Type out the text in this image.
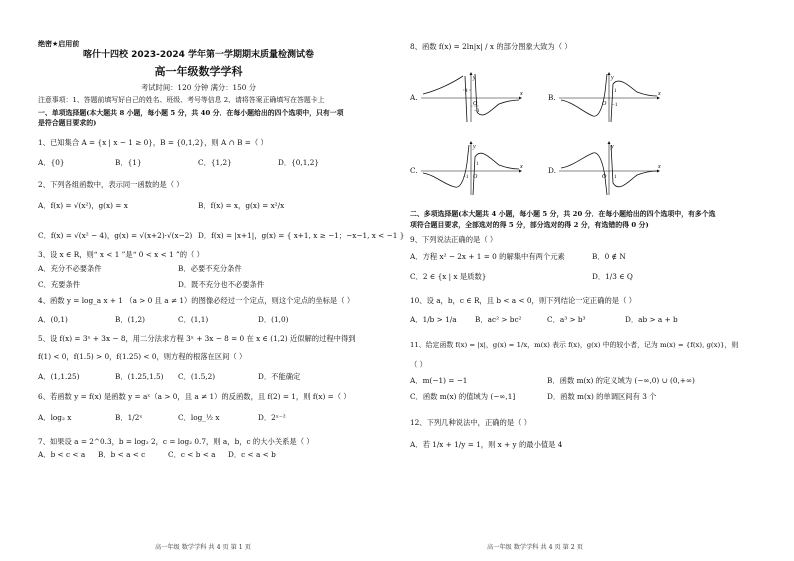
绝密★启用前
喀什十四校 2023-2024 学年第一学期期末质量检测试卷
高一年级数学学科
考试时间：120 分钟 满分：150 分
注意事项：1、答题前填写好自己的姓名、班级、考号等信息 2、请将答案正确填写在答题卡上
一、单项选择题(本大题共 8 小题，每小题 5 分，共 40 分．在每小题给出的四个选项中，只有一项
是符合题目要求的)
1、已知集合 A = {x | x − 1 ≥ 0}，B = {0,1,2}，则 A ∩ B =（ ）
A．{0}	B．{1}	C．{1,2}	D．{0,1,2}
2、下列各组函数中，表示同一函数的是（ ）
A．f(x) = √(x²)，g(x) = x	B．f(x) = x，g(x) = x²/x
C．f(x) = √(x² − 4)，g(x) = √(x+2)·√(x−2) D．f(x) = |x+1|，g(x) = { x+1, x ≥ −1；−x−1, x < −1 }
3、设 x ∈ R，则“ x < 1 ”是“ 0 < x < 1 ”的（ ）
A．充分不必要条件	B．必要不充分条件
C．充要条件	D．既不充分也不必要条件
4、函数 y = log_a x + 1 （a > 0 且 a ≠ 1）的图像必经过一个定点，则这个定点的坐标是（ ）
A．(0,1)	B．(1,2)	C．(1,1)	D．(1,0)
5、设 f(x) = 3ˣ + 3x − 8，用二分法求方程 3ˣ + 3x − 8 = 0 在 x ∈ (1,2) 近似解的过程中得到
f(1) < 0，f(1.5) > 0，f(1.25) < 0，则方程的根落在区间（ ）
A．(1,1.25)	B．(1.25,1.5) C．(1.5,2)	D．不能确定
6、若函数 y = f(x) 是函数 y = aˣ（a > 0，且 a ≠ 1）的反函数，且 f(2) = 1，则 f(x) =（ ）
A．log₂ x	B．1/2ˣ	C．log_½ x	D．2ˣ⁻²
7、如果设 a = 2^0.3，b = log₂ 2，c = log₂ 0.7，则 a，b，c 的大小关系是（ ）
A．b < c < a B．b < a < c	C．c < b < a D．c < a < b
高一年级 数学学科 共 4 页 第 1 页
8、函数 f(x) = 2ln|x| / x 的部分图象大致为（ ）
A.	x
y
O
1
−1
B.	x
y
O
1
−1
C.	x
y
O
−1
1
D.	x
y
O 1
二、多项选择题(本大题共 4 小题，每小题 5 分，共 20 分．在每小题给出的四个选项中，有多个选
项符合题目要求，全部选对的得 5 分，部分选对的得 2 分，有选错的得 0 分)
9、下列说法正确的是（ ）
A．方程 x² − 2x + 1 = 0 的解集中有两个元素	B．0 ∉ N
C．2 ∈ {x | x 是质数}	D．1/3 ∈ Q
10、设 a，b，c ∈ R，且 b < a < 0，则下列结论一定正确的是（ ）
A．1/b > 1/a	B．ac² > bc²	C．a³ > b³	D．ab > a + b
11、给定函数 f(x) = |x|，g(x) = 1/x，m(x) 表示 f(x)，g(x) 中的较小者，记为 m(x) = {f(x), g(x)}，则
（ ）
A．m(−1) = −1	B．函数 m(x) 的定义域为 (−∞,0) ∪ (0,+∞)
C．函数 m(x) 的值域为 (−∞,1]	D．函数 m(x) 的单调区间有 3 个
12、下列几种说法中，正确的是（ ）
A．若 1/x + 1/y = 1，则 x + y 的最小值是 4
高一年级 数学学科 共 4 页 第 2 页
